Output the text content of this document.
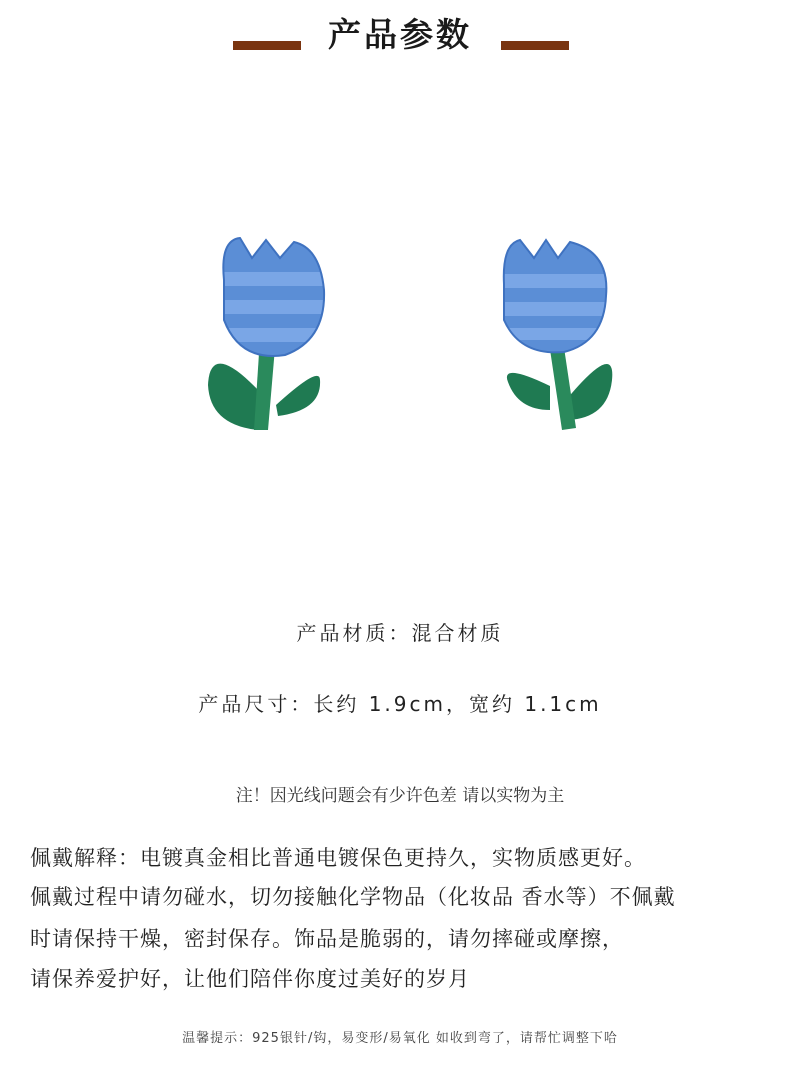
产品参数
产品材质：混合材质
产品尺寸：长约 1.9cm，宽约 1.1cm
注！因光线问题会有少许色差 请以实物为主
佩戴解释：电镀真金相比普通电镀保色更持久，实物质感更好。
佩戴过程中请勿碰水，切勿接触化学物品（化妆品 香水等）不佩戴
时请保持干燥，密封保存。饰品是脆弱的，请勿摔碰或摩擦，
请保养爱护好，让他们陪伴你度过美好的岁月
温馨提示：925银针/钩，易变形/易氧化 如收到弯了，请帮忙调整下哈
